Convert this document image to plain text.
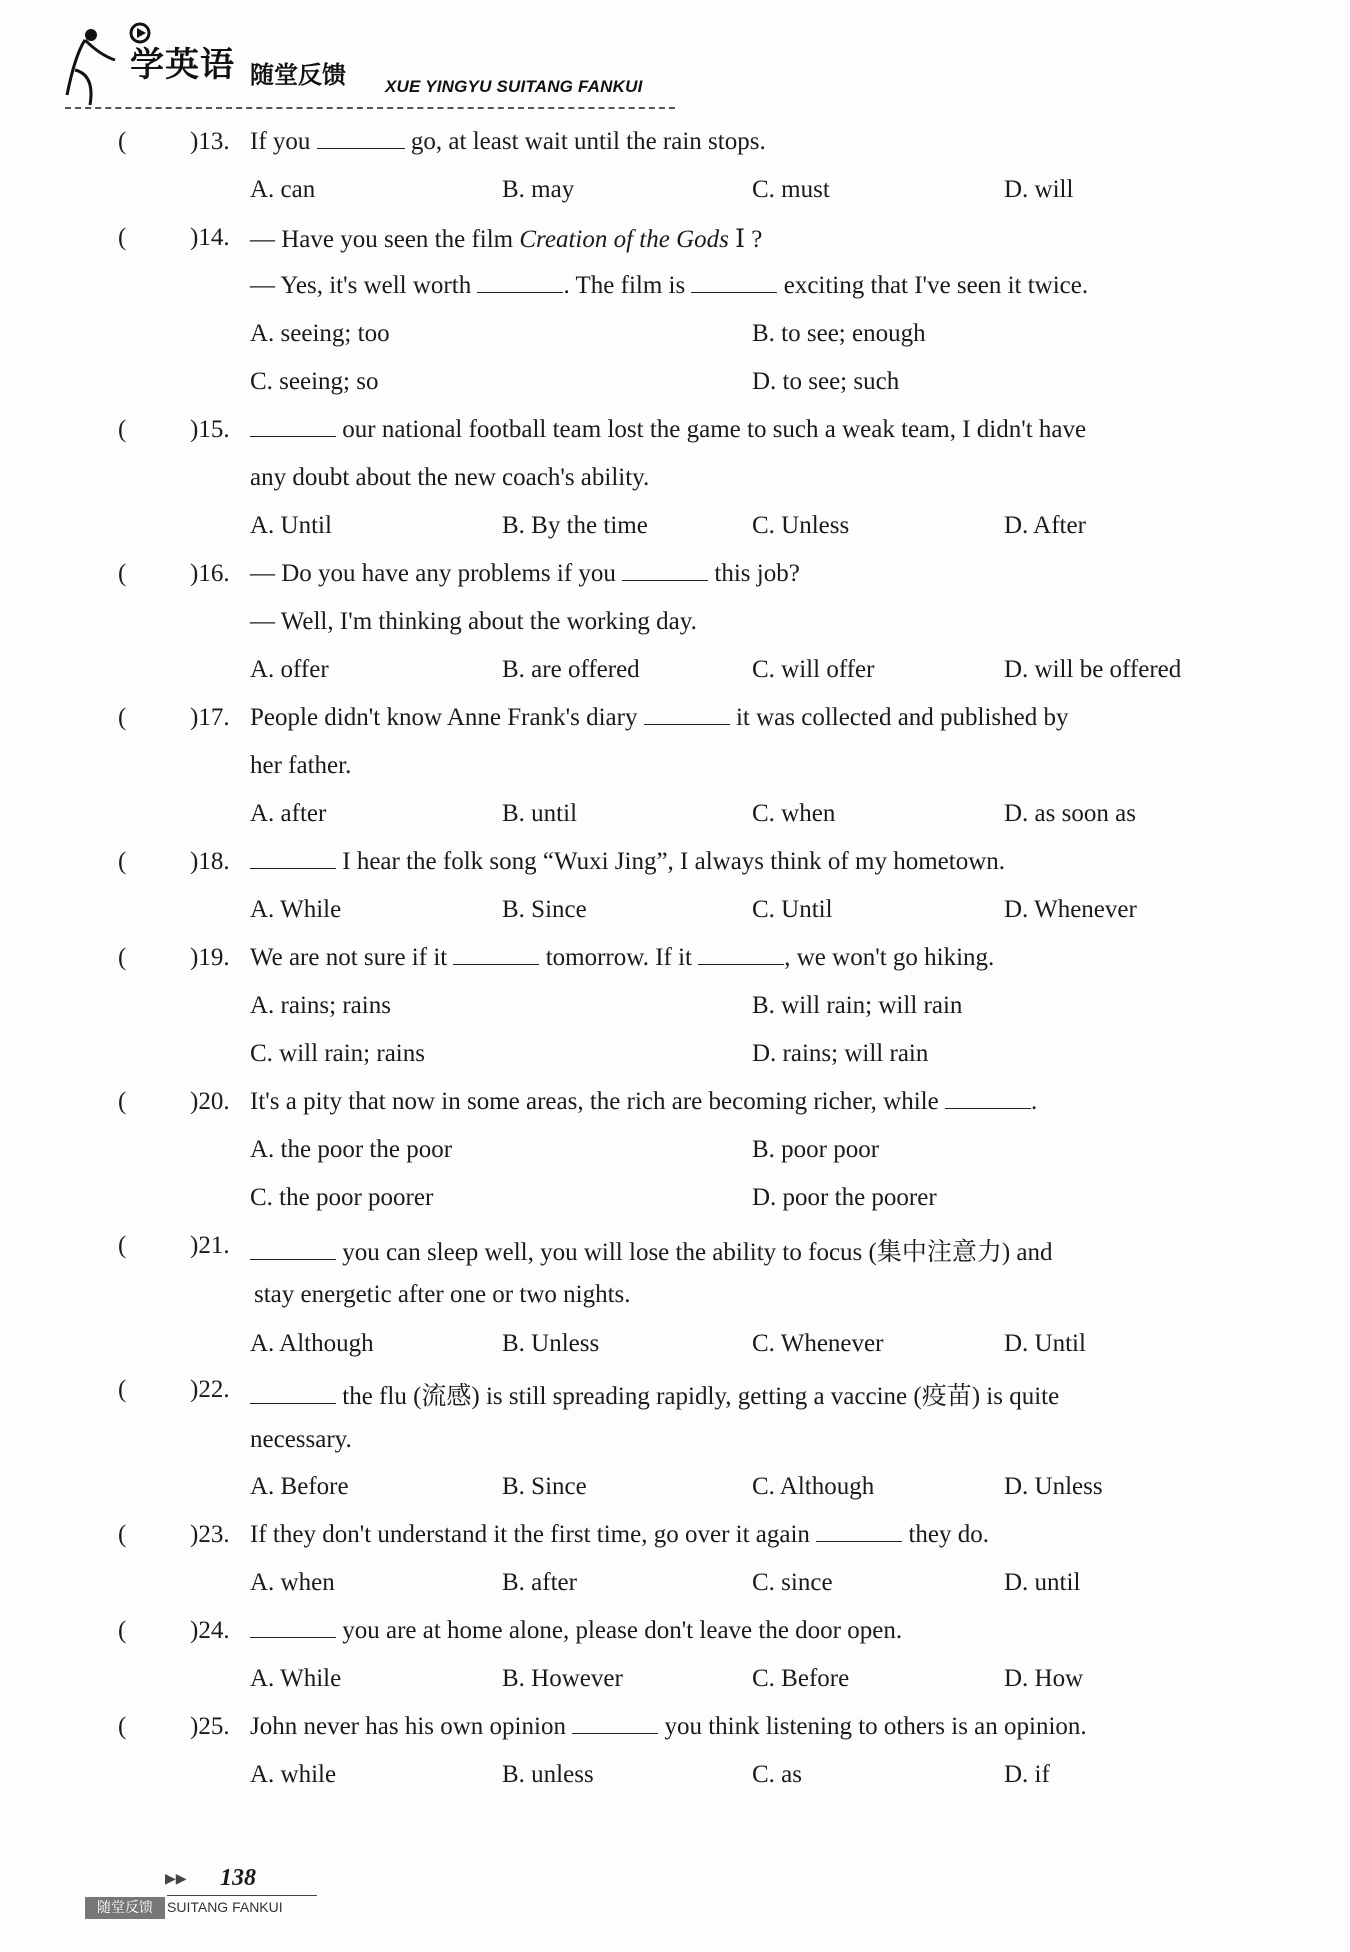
学英语 随堂反馈 XUE YINGYU SUITANG FANKUI
(	)13. If you	go, at least wait until the rain stops.
A. can	B. may	C. must	D. will
(	)14. — Have you seen the film Creation of the Gods Ⅰ ?
— Yes, it's well worth	. The film is	exciting that I've seen it twice.
A. seeing; too	B. to see; enough
C. seeing; so	D. to see; such
(	)15.	our national football team lost the game to such a weak team, I didn't have
any doubt about the new coach's ability.
A. Until	B. By the time	C. Unless	D. After
(	)16. — Do you have any problems if you	this job?
— Well, I'm thinking about the working day.
A. offer	B. are offered	C. will offer	D. will be offered
(	)17. People didn't know Anne Frank's diary	it was collected and published by
her father.
A. after	B. until	C. when	D. as soon as
(	)18.	I hear the folk song “Wuxi Jing”, I always think of my hometown.
A. While	B. Since	C. Until	D. Whenever
(	)19. We are not sure if it	tomorrow. If it	, we won't go hiking.
A. rains; rains	B. will rain; will rain
C. will rain; rains	D. rains; will rain
(	)20. It's a pity that now in some areas, the rich are becoming richer, while	.
A. the poor the poor	B. poor poor
C. the poor poorer	D. poor the poorer
(	)21.	you can sleep well, you will lose the ability to focus (集中注意力) and
stay energetic after one or two nights.
A. Although	B. Unless	C. Whenever	D. Until
(	)22.	the flu (流感) is still spreading rapidly, getting a vaccine (疫苗) is quite
necessary.
A. Before	B. Since	C. Although	D. Unless
(	)23. If they don't understand it the first time, go over it again	they do.
A. when	B. after	C. since	D. until
(	)24.	you are at home alone, please don't leave the door open.
A. While	B. However	C. Before	D. How
(	)25. John never has his own opinion	you think listening to others is an opinion.
A. while	B. unless	C. as	D. if
▶▶ 138
随堂反馈	SUITANG FANKUI
